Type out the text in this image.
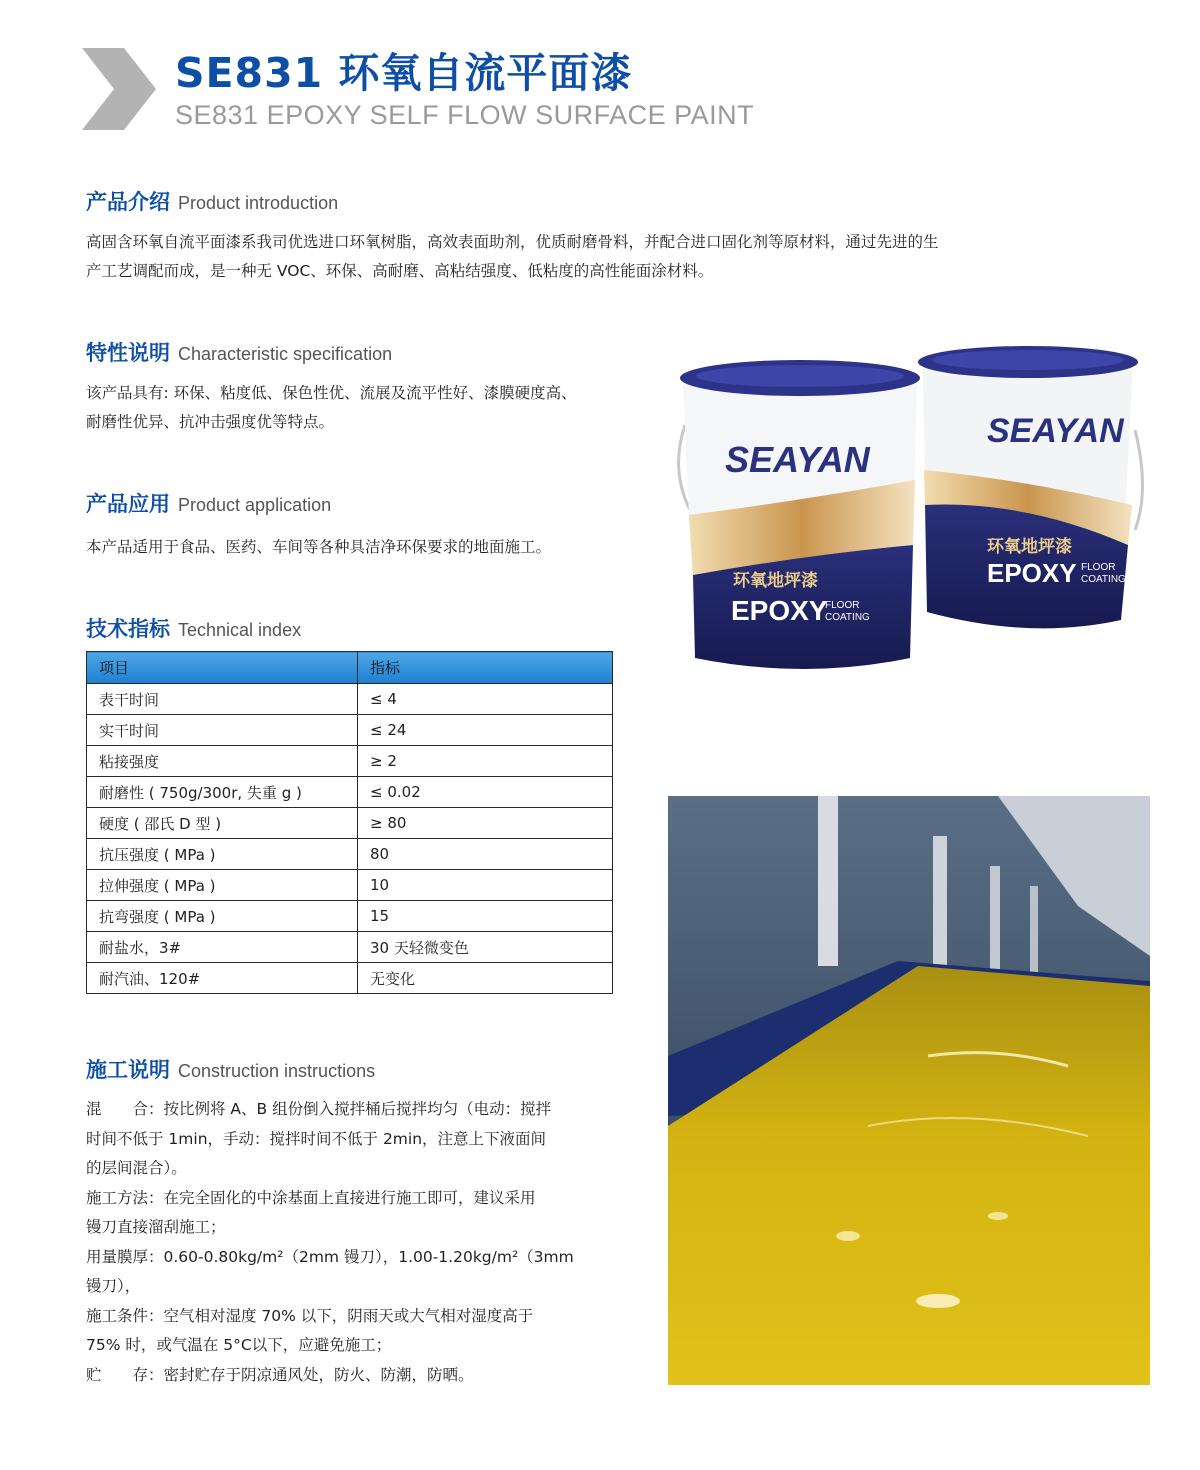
SE831 环氧自流平面漆
SE831 EPOXY SELF FLOW SURFACE PAINT
产品介绍 Product introduction
高固含环氧自流平面漆系我司优选进口环氧树脂，高效表面助剂，优质耐磨骨料，并配合进口固化剂等原材料，通过先进的生
产工艺调配而成，是一种无 VOC、环保、高耐磨、高粘结强度、低粘度的高性能面涂材料。
特性说明 Characteristic specification
该产品具有: 环保、粘度低、保色性优、流展及流平性好、漆膜硬度高、
耐磨性优异、抗冲击强度优等特点。
产品应用 Product application
本产品适用于食品、医药、车间等各种具洁净环保要求的地面施工。
技术指标 Technical index
项目	指标
表干时间	≤ 4
实干时间	≤ 24
粘接强度	≥ 2
耐磨性 ( 750g/300r, 失重 g )	≤ 0.02
硬度 ( 邵氏 D 型 )	≥ 80
抗压强度 ( MPa )	80
拉伸强度 ( MPa )	10
抗弯强度 ( MPa )	15
耐盐水，3#	30 天轻微变色
耐汽油、120#	无变化
施工说明 Construction instructions
混　　合：按比例将 A、B 组份倒入搅拌桶后搅拌均匀（电动：搅拌
时间不低于 1min，手动：搅拌时间不低于 2min，注意上下液面间
的层间混合）。
施工方法：在完全固化的中涂基面上直接进行施工即可，建议采用
镘刀直接溜刮施工；
用量膜厚：0.60-0.80kg/m²（2mm 镘刀），1.00-1.20kg/m²（3mm
镘刀），
施工条件：空气相对湿度 70% 以下，阴雨天或大气相对湿度高于
75% 时，或气温在 5°C以下，应避免施工；
贮　　存：密封贮存于阴凉通风处，防火、防潮，防晒。
SEAYAN
环氧地坪漆
EPOXY FLOOR
COATING
SEAYAN
环氧地坪漆
EPOXY
FLOOR
COATING
